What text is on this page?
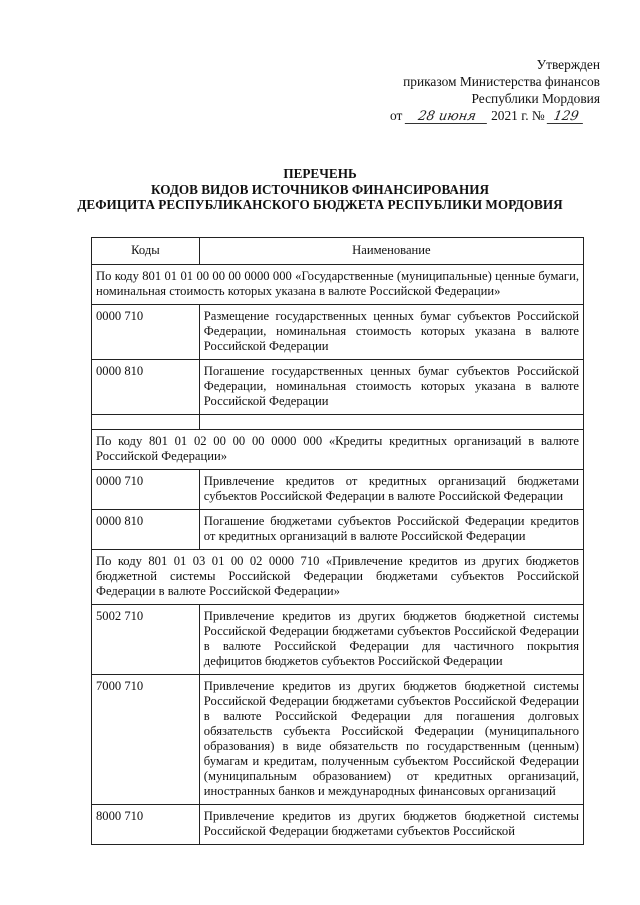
Утвержден
приказом Министерства финансов
Республики Мордовия
от 28 июня 2021 г. № 129
ПЕРЕЧЕНЬ
КОДОВ ВИДОВ ИСТОЧНИКОВ ФИНАНСИРОВАНИЯ
ДЕФИЦИТА РЕСПУБЛИКАНСКОГО БЮДЖЕТА РЕСПУБЛИКИ МОРДОВИЯ
Коды	Наименование
По коду 801 01 01 00 00 00 0000 000 «Государственные (муниципальные) ценные бумаги, номинальная стоимость которых указана в валюте Российской Федерации»	
0000 710	Размещение государственных ценных бумаг субъектов Российской Федерации, номинальная стоимость которых указана в валюте Российской Федерации
0000 810	Погашение государственных ценных бумаг субъектов Российской Федерации, номинальная стоимость которых указана в валюте Российской Федерации

По коду 801 01 02 00 00 00 0000 000 «Кредиты кредитных организаций в валюте Российской Федерации»	
0000 710	Привлечение кредитов от кредитных организаций бюджетами субъектов Российской Федерации в валюте Российской Федерации
0000 810	Погашение бюджетами субъектов Российской Федерации кредитов от кредитных организаций в валюте Российской Федерации
По коду 801 01 03 01 00 02 0000 710 «Привлечение кредитов из других бюджетов бюджетной системы Российской Федерации бюджетами субъектов Российской Федерации в валюте Российской Федерации»	
5002 710	Привлечение кредитов из других бюджетов бюджетной системы Российской Федерации бюджетами субъектов Российской Федерации в валюте Российской Федерации для частичного покрытия дефицитов бюджетов субъектов Российской Федерации
7000 710	Привлечение кредитов из других бюджетов бюджетной системы Российской Федерации бюджетами субъектов Российской Федерации в валюте Российской Федерации для погашения долговых обязательств субъекта Российской Федерации (муниципального образования) в виде обязательств по государственным (ценным) бумагам и кредитам, полученным субъектом Российской Федерации (муниципальным образованием) от кредитных организаций, иностранных банков и международных финансовых организаций
8000 710	Привлечение кредитов из других бюджетов бюджетной системы Российской Федерации бюджетами субъектов Российской
